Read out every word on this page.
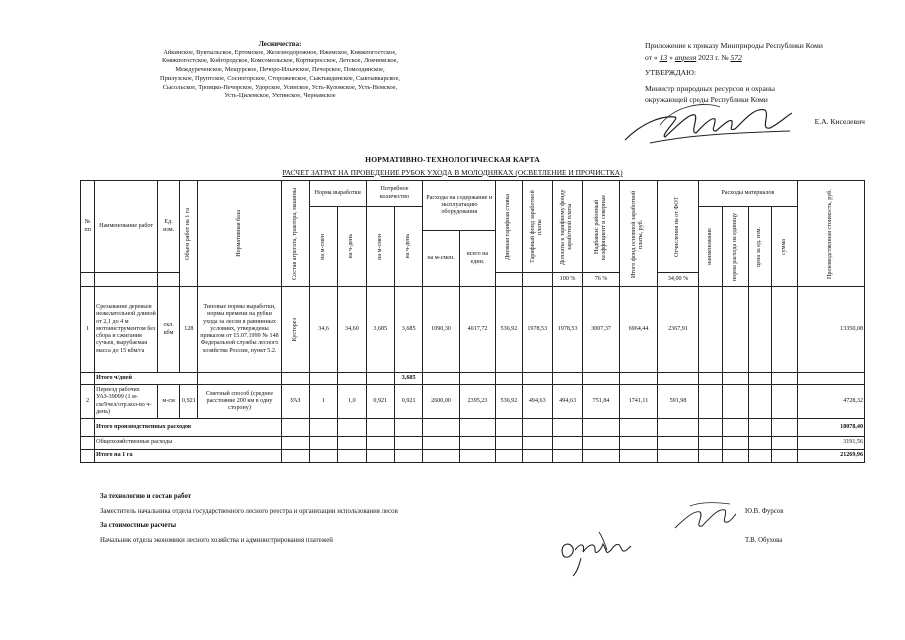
Лесничества:
Айкинское, Вуктыльское, Ертомское, Железнодорожное, Ижемское, Княжпогостское,
Княжпогостское, Койгородское, Комсомольское, Корткеросское, Летское, Локчимское,
Междуреченское, Мещурское, Печоро-Илычское, Печорское, Помоздинское,
Прилузское, Пруптское, Сосногорское, Сторожевское, Сыктывдинское, Сыктывкарское,
Сысольское, Троицко-Печорское, Удорское, Усинское, Усть-Куломское, Усть-Немское,
Усть-Цилемское, Ухтинское, Чернамское
Приложение к приказу Минприроды Республики Коми
от « 13 » апреля 2023 г. № 572
УТВЕРЖДАЮ:
Министр природных ресурсов и охраны
окружающей среды Республики Коми
Е.А. Киселевич
НОРМАТИВНО-ТЕХНОЛОГИЧЕСКАЯ КАРТА
РАСЧЕТ ЗАТРАТ НА ПРОВЕДЕНИЕ РУБОК УХОДА В МОЛОДНЯКАХ (ОСВЕТЛЕНИЕ И ПРОЧИСТКА)
№ пп	Наименование работ	Ед. изм.	Объем работ на 1 га	Нормативная база	Состав агрегата, трактора, машины	Норма выработки		Потребное количество		Расходы на содержание и эксплуатацию оборудования		Дневная тарифная ставка	Тарифный фонд заработной платы	Доплаты к тарифному фонду заработной платы	Надбавки: районный коэффициент и северные	Итого фонд основной заработной платы, руб.	Отчисления на от ФОТ	Расходы материалов				Производственная стоимость, руб.

						на м-смен	на ч-день	на м-смен	на ч-день									наименование	норма расхода на единицу	цена за ед. изм.	сумма	

										на м-смен.	всего на един.											
														100 %	76 %		34,00 %					
1	Срезывание деревьев нежелательной длиной от 2,1 до 4 м мотоинструментом без сбора и сжигания сучьев, вырубаемая масса до 15 кбм/га	скл. кбм	128	Типовые нормы выработки, нормы времени на рубки ухода за лесом в равнинных условиях, утверждены приказом от 15.07.1999 № 148 Федеральной службы лесного хозяйства России, пункт 5.2.	Кусторез	34,6	34,60	3,685	3,685	1090,30	4017,72	536,92	1978,53	1978,53	3007,37	6964,44	2367,91					13350,08
	Итого ч/дней								3,685													
2	Переезд рабочих УАЗ-39099 (1 м-см/9чел/отр.кол-во ч-день)	м-см	0,921	Сметный способ (среднее расстояние 200 км в одну сторону)	УАЗ	1	1,0	0,921	0,921	2600,00	2395,23	536,92	494,63	494,63	751,84	1741,11	591,98					4728,32
	Итого производственных расходов																					18078,40
	Общехозяйственные расходы																					3191,56
	Итого на 1 га																					21269,96
За технологию и состав работ
Заместитель начальника отдела государственного лесного реестра и организации использования лесов	Ю.В. Фурсов
За стоимостные расчеты
Начальник отдела экономики лесного хозяйства и администрирования платежей	Т.В. Обухова
